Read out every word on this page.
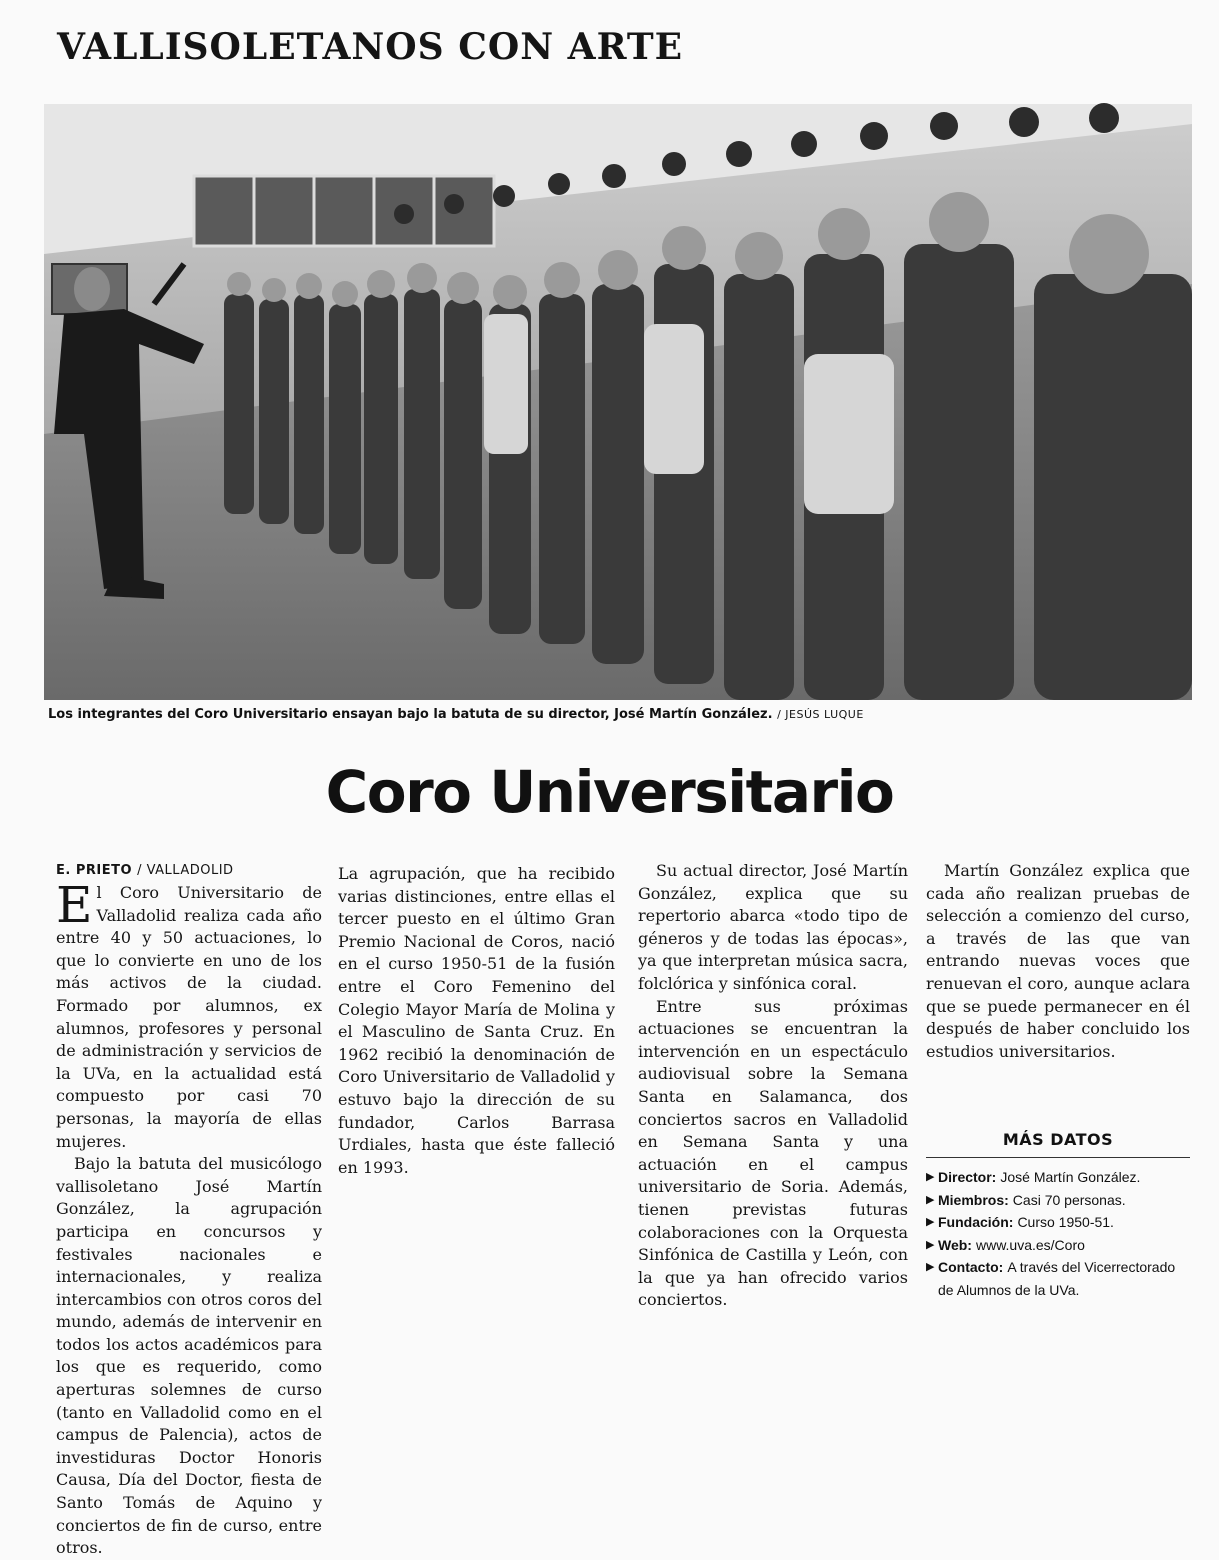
VALLISOLETANOS CON ARTE
Los integrantes del Coro Universitario ensayan bajo la batuta de su director, José Martín González. / JESÚS LUQUE
Coro Universitario
E. PRIETO / VALLADOLID

El Coro Universitario de Valladolid realiza cada año entre 40 y 50 actuaciones, lo que lo convierte en uno de los más activos de la ciudad. Formado por alumnos, ex alumnos, profesores y personal de administración y servicios de la UVa, en la actualidad está compuesto por casi 70 personas, la mayoría de ellas mujeres.

Bajo la batuta del musicólogo vallisoletano José Martín González, la agrupación participa en concursos y festivales nacionales e internacionales, y realiza intercambios con otros coros del mundo, además de intervenir en todos los actos académicos para los que es requerido, como aperturas solemnes de curso (tanto en Valladolid como en el campus de Palencia), actos de investiduras Doctor Honoris Causa, Día del Doctor, fiesta de Santo Tomás de Aquino y conciertos de fin de curso, entre otros.

La agrupación, que ha recibido varias distinciones, entre ellas el tercer puesto en el último Gran Premio Nacional de Coros, nació en el curso 1950-51 de la fusión entre el Coro Femenino del Colegio Mayor María de Molina y el Masculino de Santa Cruz. En 1962 recibió la denominación de Coro Universitario de Valladolid y estuvo bajo la dirección de su fundador, Carlos Barrasa Urdiales, hasta que éste falleció en 1993.

Su actual director, José Martín González, explica que su repertorio abarca «todo tipo de géneros y de todas las épocas», ya que interpretan música sacra, folclórica y sinfónica coral.

Entre sus próximas actuaciones se encuentran la intervención en un espectáculo audiovisual sobre la Semana Santa en Salamanca, dos conciertos sacros en Valladolid en Semana Santa y una actuación en el campus universitario de Soria. Además, tienen previstas futuras colaboraciones con la Orquesta Sinfónica de Castilla y León, con la que ya han ofrecido varios conciertos.

Martín González explica que cada año realizan pruebas de selección a comienzo del curso, a través de las que van entrando nuevas voces que renuevan el coro, aunque aclara que se puede permanecer en él después de haber concluido los estudios universitarios.

MÁS DATOS
▶ Director: José Martín González.
▶ Miembros: Casi 70 personas.
▶ Fundación: Curso 1950-51.
▶ Web: www.uva.es/Coro
▶ Contacto: A través del Vicerrectorado de Alumnos de la UVa.
